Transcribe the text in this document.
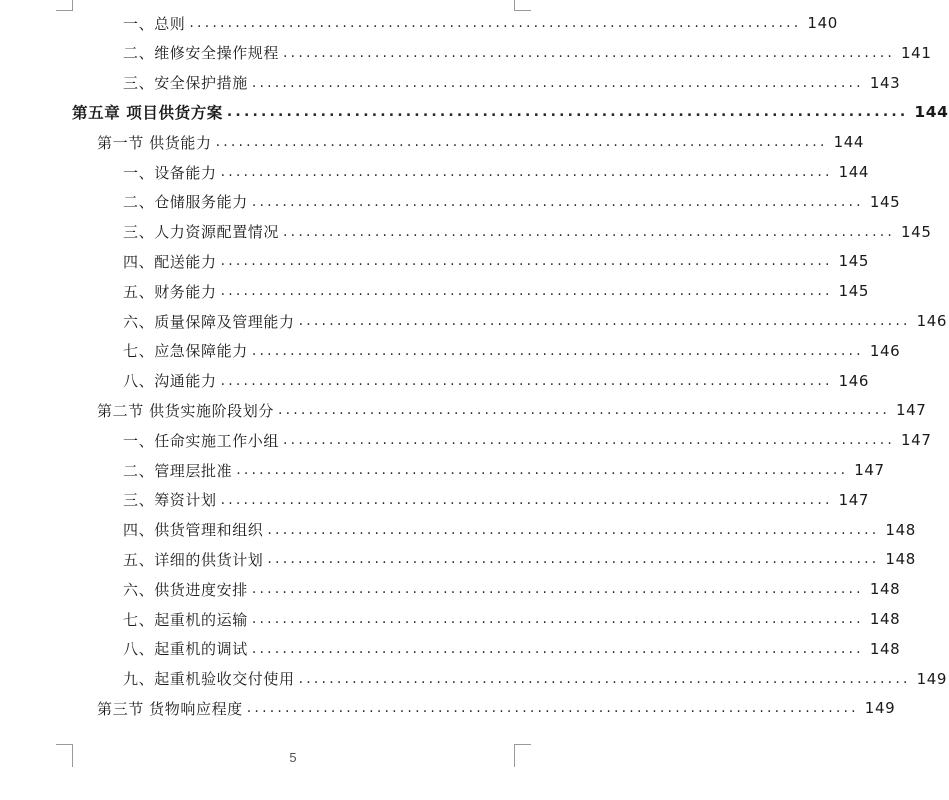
一、总则 ................................................................................ 140
二、维修安全操作规程 ................................................................................ 141
三、安全保护措施 ................................................................................ 143
第五章 项目供货方案 ................................................................................ 144
第一节 供货能力 ................................................................................ 144
一、设备能力 ................................................................................ 144
二、仓储服务能力 ................................................................................ 145
三、人力资源配置情况 ................................................................................ 145
四、配送能力 ................................................................................ 145
五、财务能力 ................................................................................ 145
六、质量保障及管理能力 ................................................................................ 146
七、应急保障能力 ................................................................................ 146
八、沟通能力 ................................................................................ 146
第二节 供货实施阶段划分 ................................................................................ 147
一、任命实施工作小组 ................................................................................ 147
二、管理层批准 ................................................................................ 147
三、筹资计划 ................................................................................ 147
四、供货管理和组织 ................................................................................ 148
五、详细的供货计划 ................................................................................ 148
六、供货进度安排 ................................................................................ 148
七、起重机的运输 ................................................................................ 148
八、起重机的调试 ................................................................................ 148
九、起重机验收交付使用 ................................................................................ 149
第三节 货物响应程度 ................................................................................ 149
5
